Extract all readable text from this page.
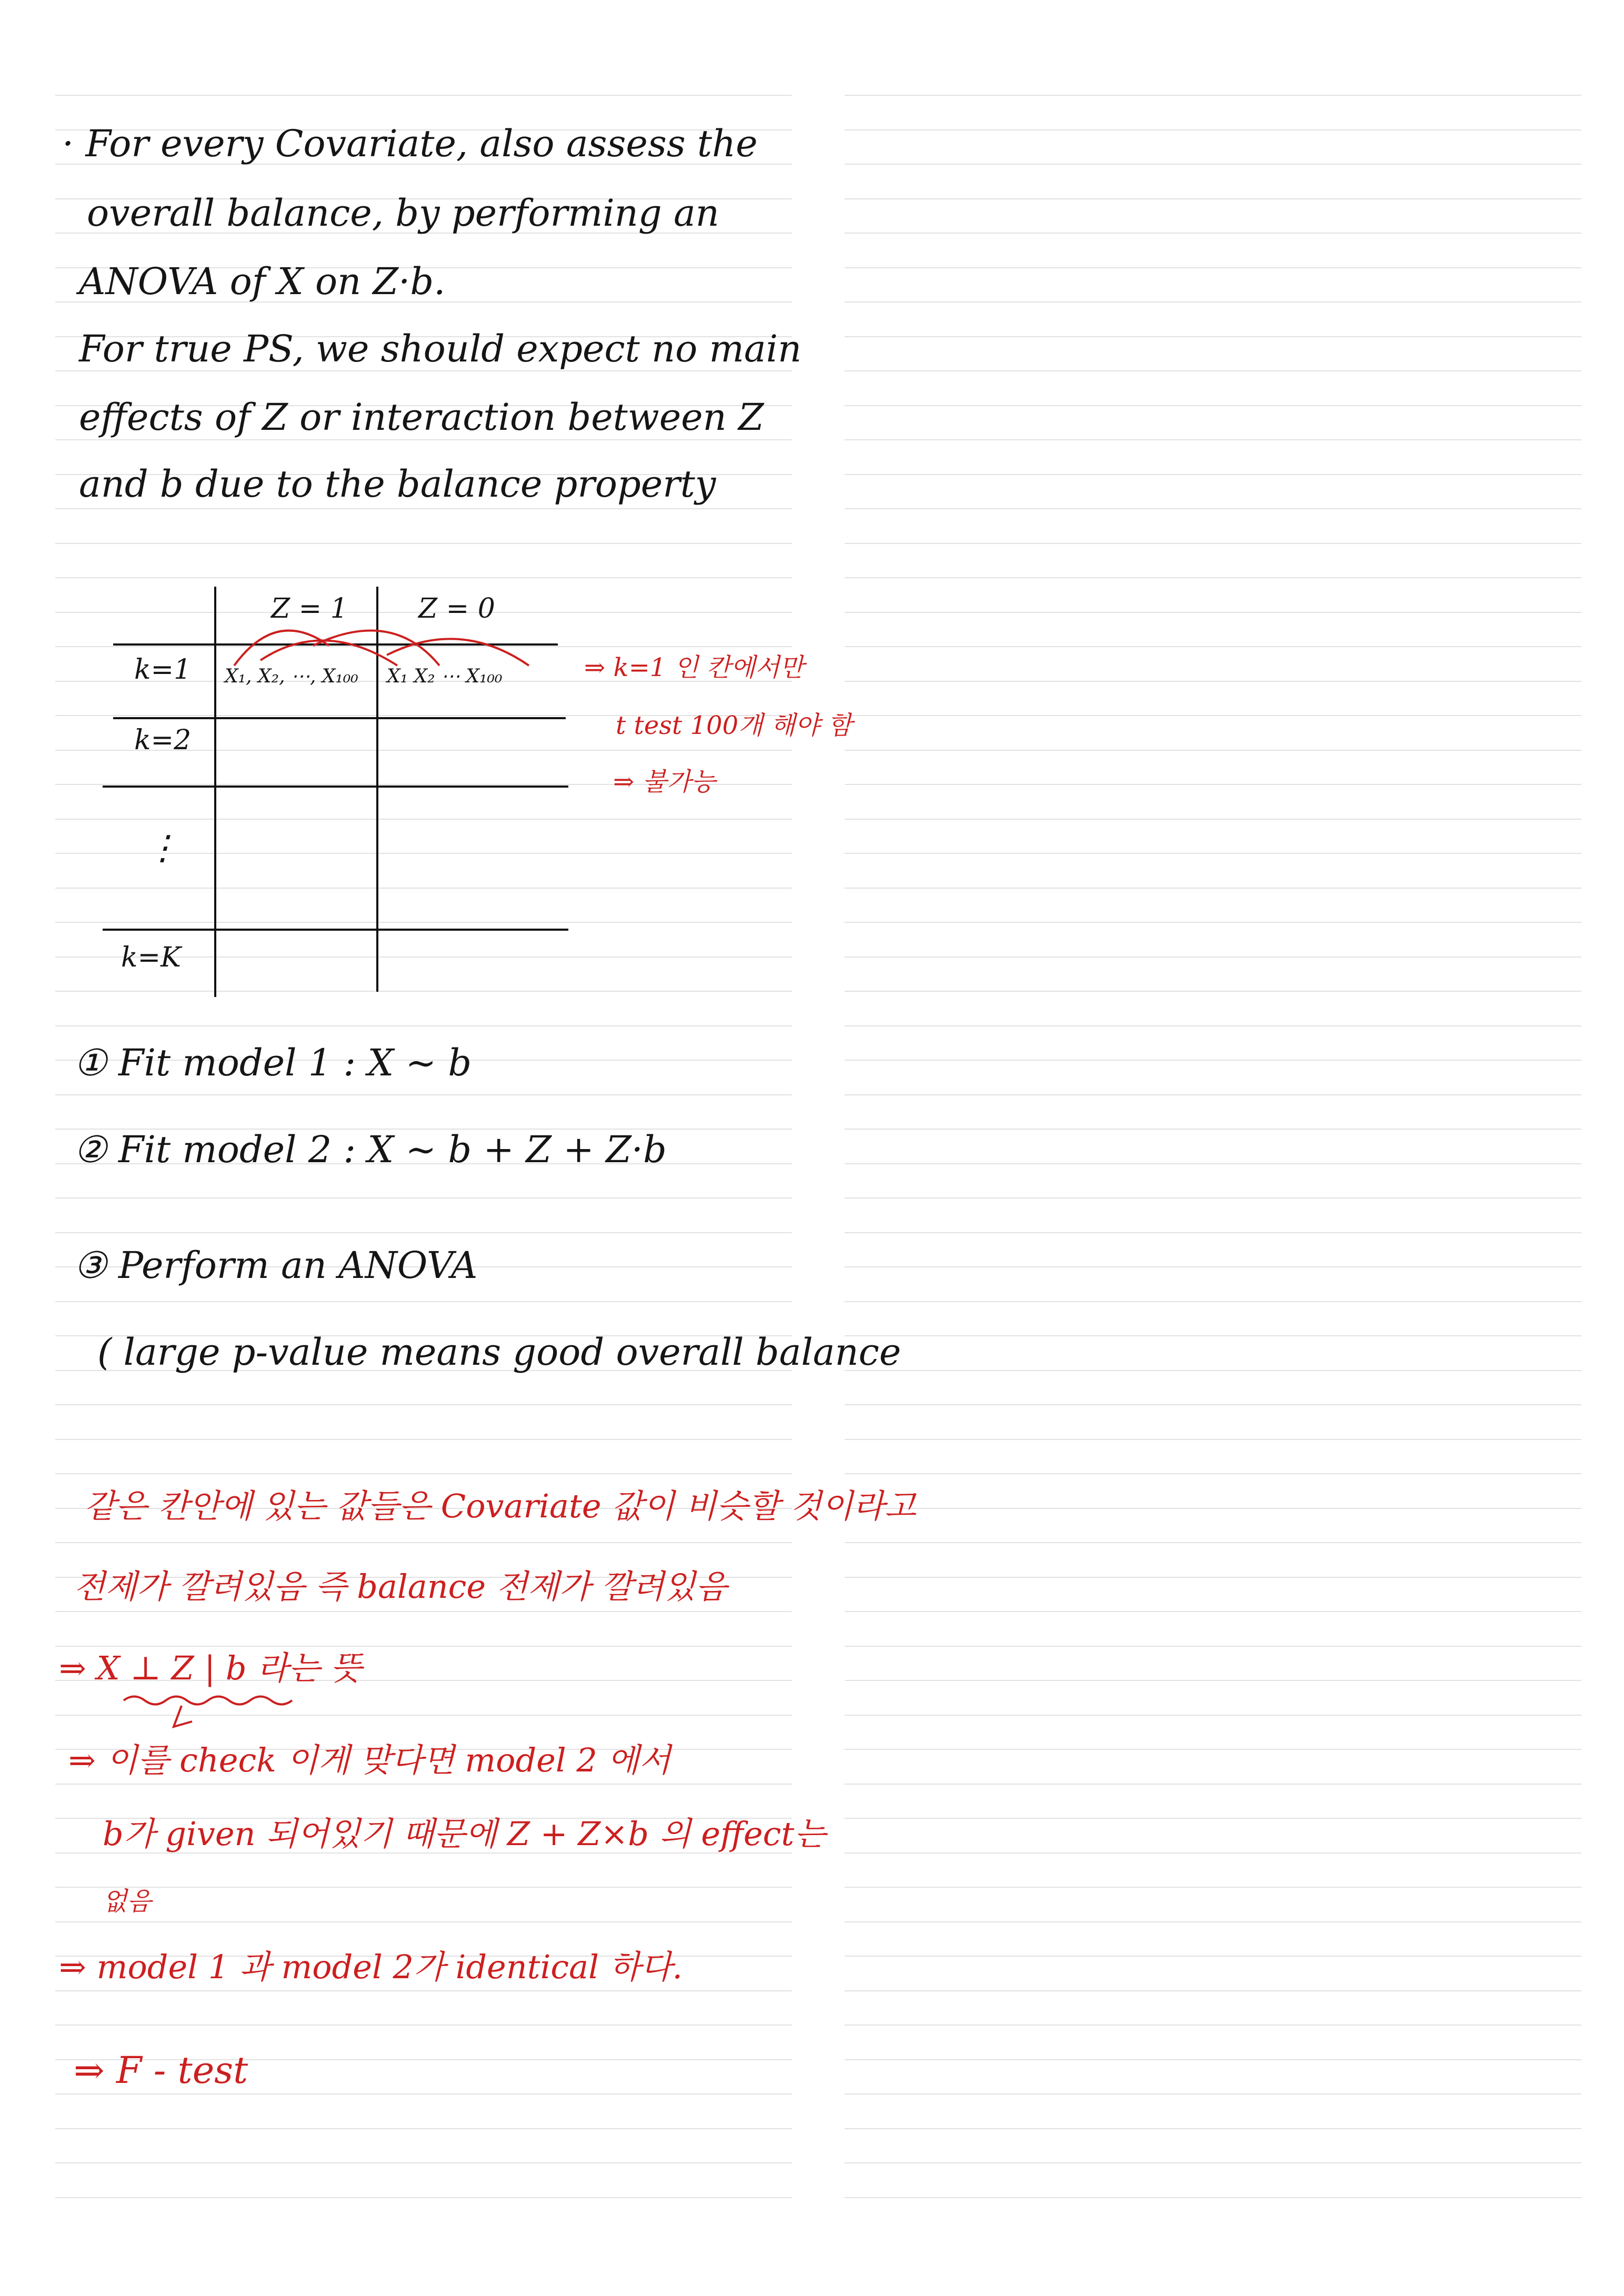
· For every Covariate, also assess the
overall balance, by performing an
ANOVA of X on Z·b.
For true PS, we should expect no main
effects of Z or interaction between Z
and b due to the balance property
Z = 1	Z = 0
k=1
k=2
⋮
k=K
X₁, X₂, ⋯, X₁₀₀ X₁ X₂ ⋯ X₁₀₀	⇒ k=1 인 칸에서만
t test 100개 해야 함
⇒ 불가능
① Fit model 1 : X ∼ b
② Fit model 2 : X ∼ b + Z + Z·b
③ Perform an ANOVA
( large p-value means good overall balance
같은 칸안에 있는 값들은 Covariate 값이 비슷할 것이라고
전제가 깔려있음 즉 balance 전제가 깔려있음
⇒ X ⊥ Z | b 라는 뜻
⇒ 이를 check 이게 맞다면 model 2 에서
b가 given 되어있기 때문에 Z + Z×b 의 effect는
없음
⇒ model 1 과 model 2가 identical 하다.
⇒ F - test
